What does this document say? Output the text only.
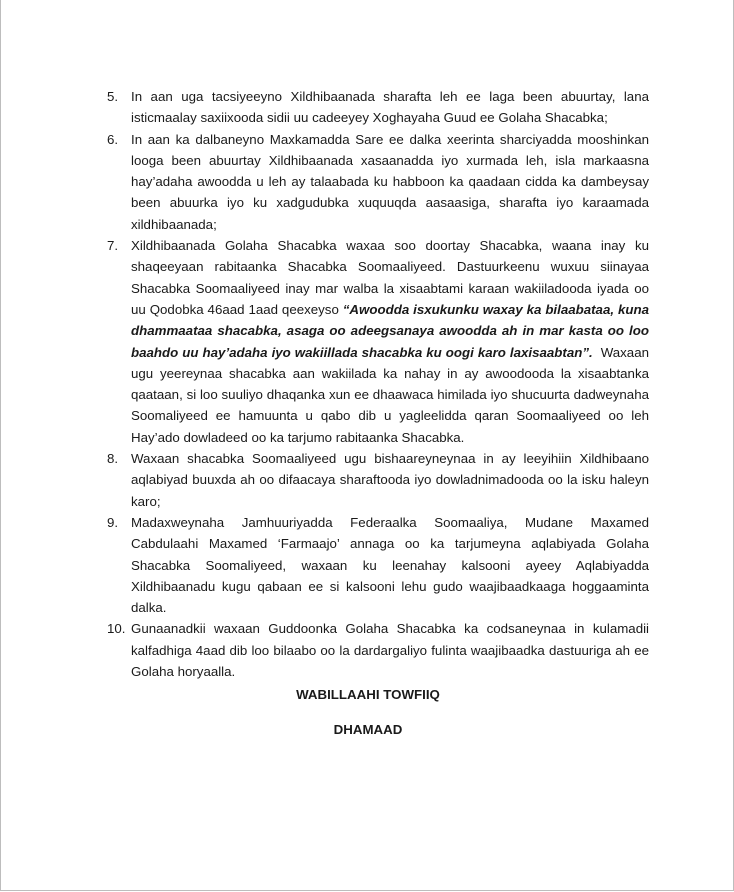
5. In aan uga tacsiyeeyno Xildhibaanada sharafta leh ee laga been abuurtay, lana isticmaalay saxiixooda sidii uu cadeeyey Xoghayaha Guud ee Golaha Shacabka;
6. In aan ka dalbaneyno Maxkamadda Sare ee dalka xeerinta sharciyadda mooshinkan looga been abuurtay Xildhibaanada xasaanadda iyo xurmada leh, isla markaasna hay’adaha awoodda u leh ay talaabada ku habboon ka qaadaan cidda ka dambeysay been abuurka iyo ku xadgudubka xuquuqda aasaasiga, sharafta iyo karaamada xildhibaanada;
7. Xildhibaanada Golaha Shacabka waxaa soo doortay Shacabka, waana inay ku shaqeeyaan rabitaanka Shacabka Soomaaliyeed. Dastuurkeenu wuxuu siinayaa Shacabka Soomaaliyeed inay mar walba la xisaabtami karaan wakiiladooda iyada oo uu Qodobka 46aad 1aad qeexeyso “Awoodda isxukunku waxay ka bilaabataa, kuna dhammaataa shacabka, asaga oo adeegsanaya awoodda ah in mar kasta oo loo baahdo uu hay’adaha iyo wakiillada shacabka ku oogi karo laxisaabtan”.  Waxaan ugu yeereynaa shacabka aan wakiilada ka nahay in ay awoodooda la xisaabtanka qaataan, si loo suuliyo dhaqanka xun ee dhaawaca himilada iyo shucuurta dadweynaha Soomaliyeed ee hamuunta u qabo dib u yagleelidda qaran Soomaaliyeed oo leh Hay’ado dowladeed oo ka tarjumo rabitaanka Shacabka.
8. Waxaan shacabka Soomaaliyeed ugu bishaareyneynaa in ay leeyihiin Xildhibaano aqlabiyad buuxda ah oo difaacaya sharaftooda iyo dowladnimadooda oo la isku haleyn karo;
9. Madaxweynaha Jamhuuriyadda Federaalka Soomaaliya, Mudane Maxamed Cabdulaahi Maxamed ‘Farmaajo’ annaga oo ka tarjumeyna aqlabiyada Golaha Shacabka Soomaliyeed, waxaan ku leenahay kalsooni ayeey Aqlabiyadda Xildhibaanadu kugu qabaan ee si kalsooni lehu gudo waajibaadkaaga hoggaaminta dalka.
10. Gunaanadkii waxaan Guddoonka Golaha Shacabka ka codsaneynaa in kulamadii kalfadhiga 4aad dib loo bilaabo oo la dardargaliyo fulinta waajibaadka dastuuriga ah ee Golaha horyaalla.
WABILLAAHI TOWFIIQ
DHAMAAD
